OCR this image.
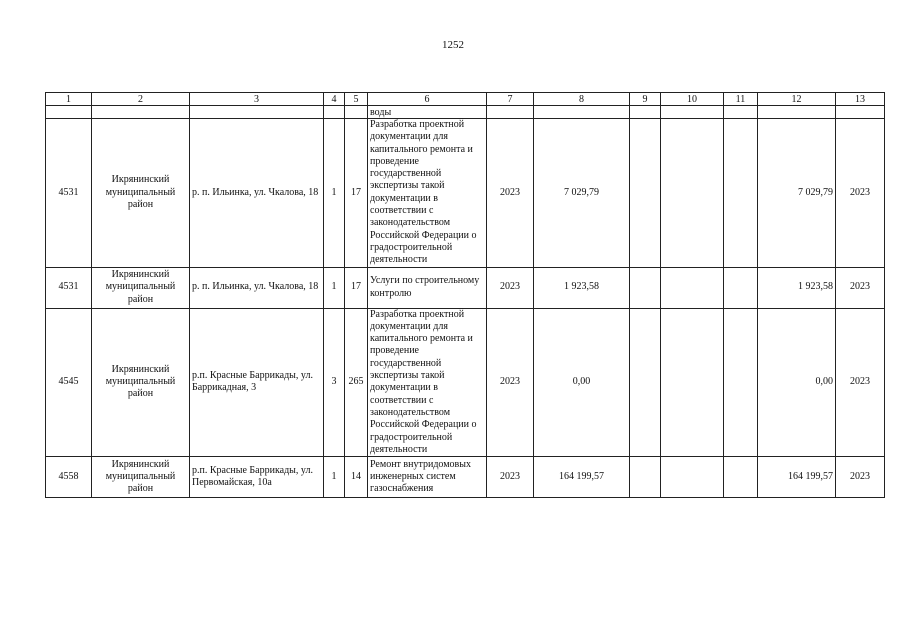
1252
1	2	3	4	5	6	7	8	9	10	11	12	13
					воды							
4531	Икрянинский муниципальный район	р. п. Ильинка, ул. Чкалова, 18	1	17	Разработка проектной документации для капитального ремонта и проведение государственной экспертизы такой документации в соответствии с законодательством Российской Федерации о градостроительной деятельности	2023	7 029,79				7 029,79	2023
4531	Икрянинский муниципальный район	р. п. Ильинка, ул. Чкалова, 18	1	17	Услуги по строительному контролю	2023	1 923,58				1 923,58	2023
4545	Икрянинский муниципальный район	р.п. Красные Баррикады, ул. Баррикадная, 3	3	265	Разработка проектной документации для капитального ремонта и проведение государственной экспертизы такой документации в соответствии с законодательством Российской Федерации о градостроительной деятельности	2023	0,00				0,00	2023
4558	Икрянинский муниципальный район	р.п. Красные Баррикады, ул. Первомайская, 10а	1	14	Ремонт внутридомовых инженерных систем газоснабжения	2023	164 199,57				164 199,57	2023
